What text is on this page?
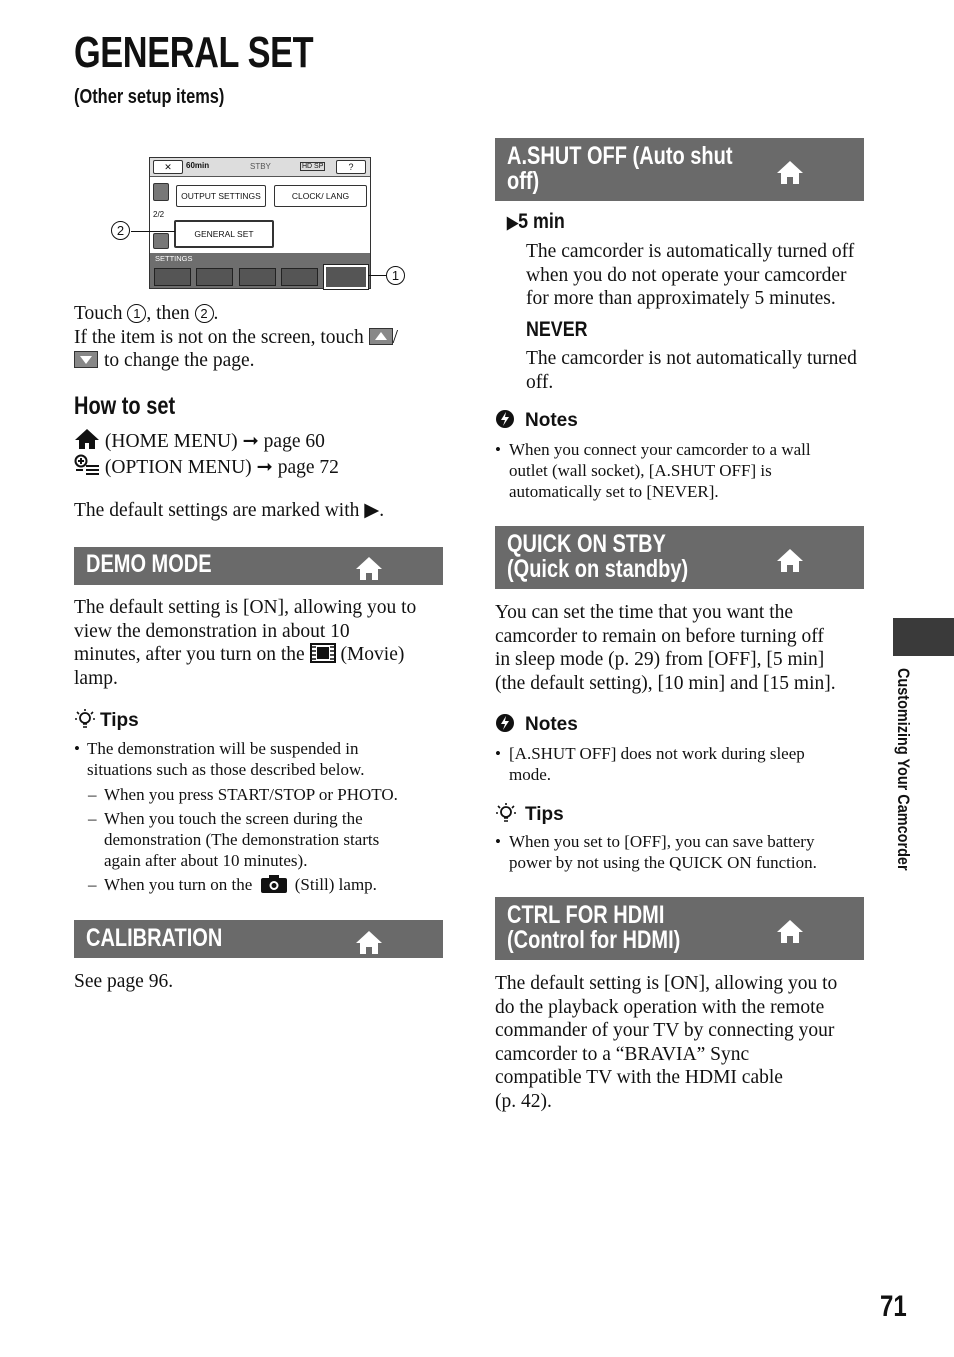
GENERAL SET
(Other setup items)
✕	60min	STBY	HD SP	?
OUTPUT SETTINGS	CLOCK/ LANG
2/2
GENERAL SET
SETTINGS
2
1
Touch 1 , then 2 .
If the item is not on the screen, touch /
to change the page.
How to set
(HOME MENU) ➞ page 60
(OPTION MENU) ➞ page 72
The default settings are marked with ▶.
DEMO MODE
The default setting is [ON], allowing you to
view the demonstration in about 10
minutes, after you turn on the (Movie)
lamp.
Tips
• The demonstration will be suspended in
situations such as those described below.
– When you press START/STOP or PHOTO.
– When you touch the screen during the
demonstration (The demonstration starts
again after about 10 minutes).
– When you turn on the	(Still) lamp.
CALIBRATION
See page 96.
A.SHUT OFF (Auto shut
off)
▶5 min
The camcorder is automatically turned off
when you do not operate your camcorder
for more than approximately 5 minutes.
NEVER
The camcorder is not automatically turned
off.
Notes
• When you connect your camcorder to a wall
outlet (wall socket), [A.SHUT OFF] is
automatically set to [NEVER].
QUICK ON STBY
(Quick on standby)
You can set the time that you want the
camcorder to remain on before turning off
in sleep mode (p. 29) from [OFF], [5 min]
(the default setting), [10 min] and [15 min].
Notes
• [A.SHUT OFF] does not work during sleep
mode.
Tips
• When you set to [OFF], you can save battery
power by not using the QUICK ON function.
CTRL FOR HDMI
(Control for HDMI)
The default setting is [ON], allowing you to
do the playback operation with the remote
commander of your TV by connecting your
camcorder to a “BRAVIA” Sync
compatible TV with the HDMI cable
(p. 42).
Customizing Your Camcorder
71
